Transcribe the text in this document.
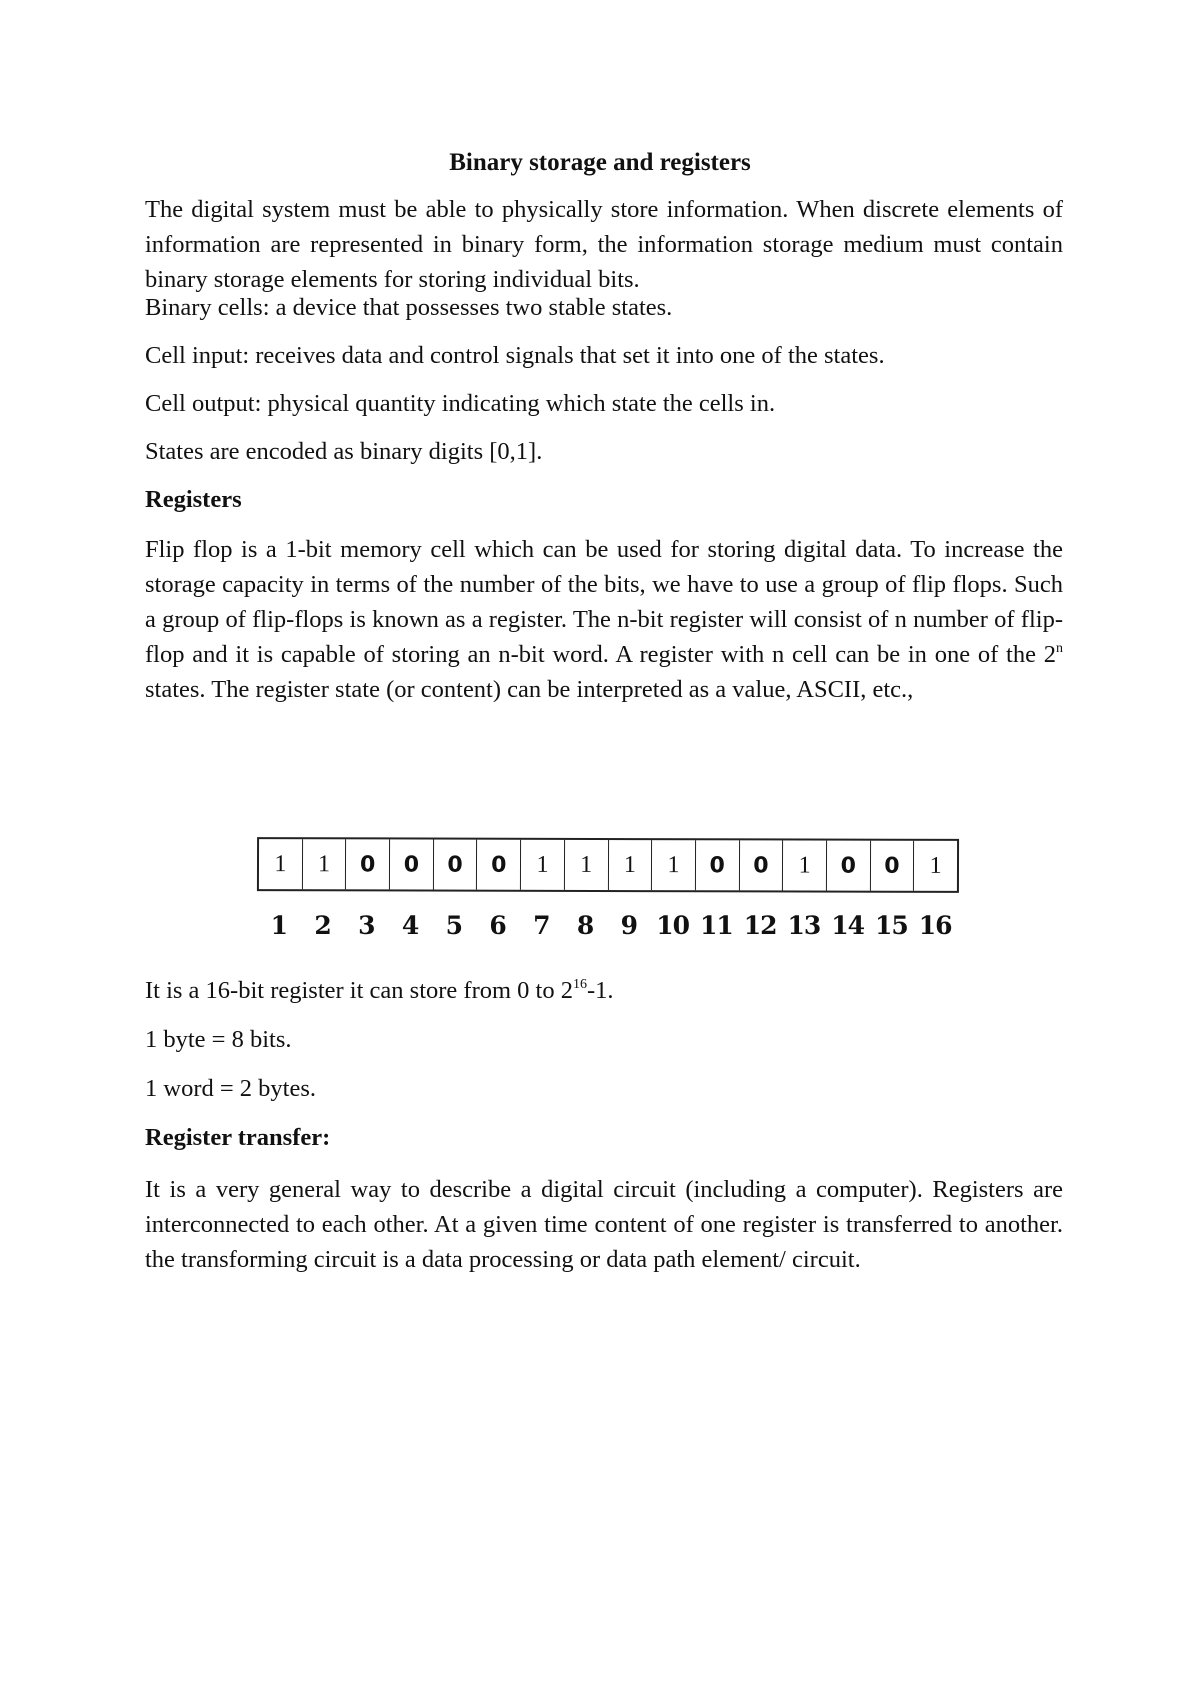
Binary storage and registers

The digital system must be able to physically store information. When discrete elements of information are represented in binary form, the information storage medium must contain binary storage elements for storing individual bits.

Binary cells: a device that possesses two stable states.

Cell input: receives data and control signals that set it into one of the states.

Cell output: physical quantity indicating which state the cells in.

States are encoded as binary digits [0,1].

Registers

Flip flop is a 1-bit memory cell which can be used for storing digital data. To increase the storage capacity in terms of the number of the bits, we have to use a group of flip flops. Such a group of flip-flops is known as a register. The n-bit register will consist of n number of flip-flop and it is capable of storing an n-bit word. A register with n cell can be in one of the 2$^n$ states. The register state (or content) can be interpreted as a value, ASCII, etc.,

1	1	0	0	0	0	1	1	1	1	0	0	1	0	0	1
1	2	3	4	5	6	7	8	9 10 11 12 13 14 15 16

It is a 16-bit register it can store from 0 to $2^{16}-1$.

1 byte = 8 bits.

1 word = 2 bytes.

Register transfer:

It is a very general way to describe a digital circuit (including a computer). Registers are interconnected to each other. At a given time content of one register is transferred to another. the transforming circuit is a data processing or data path element/ circuit.
